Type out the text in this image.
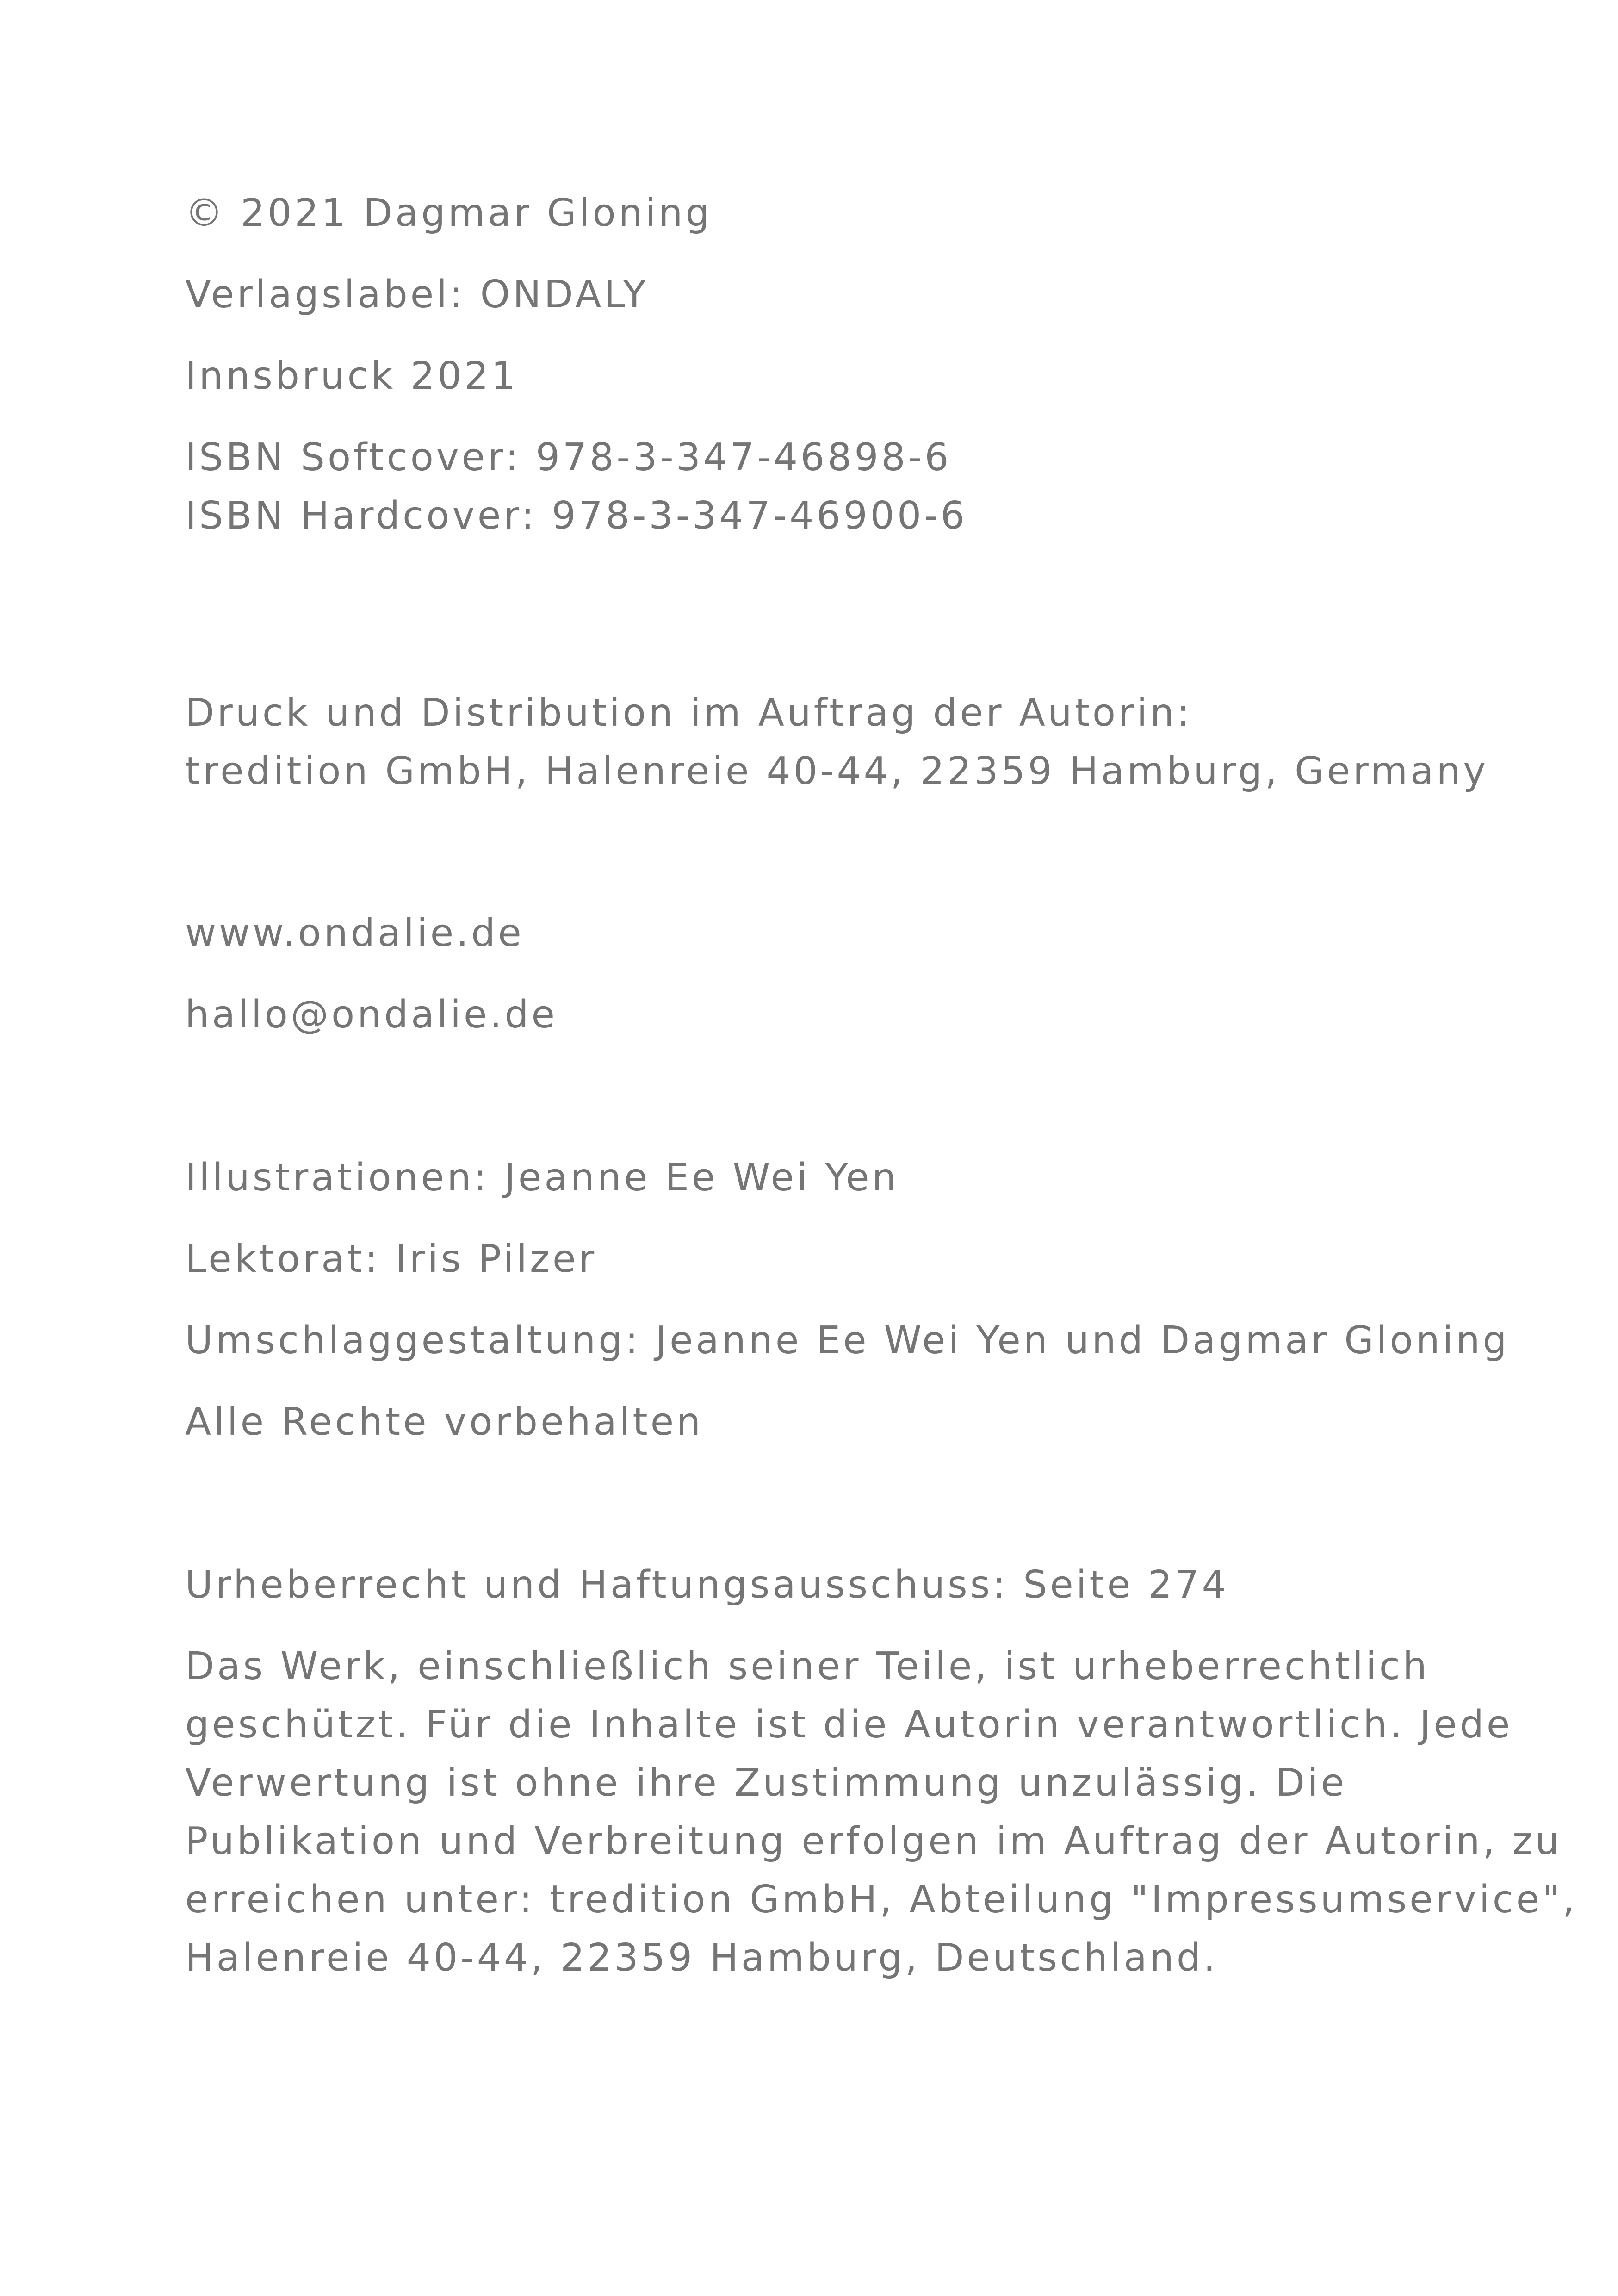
© 2021 Dagmar Gloning
Verlagslabel: ONDALY
Innsbruck 2021
ISBN Softcover: 978-3-347-46898-6
ISBN Hardcover: 978-3-347-46900-6
Druck und Distribution im Auftrag der Autorin:
tredition GmbH, Halenreie 40-44, 22359 Hamburg, Germany
www.ondalie.de
hallo@ondalie.de
Illustrationen: Jeanne Ee Wei Yen
Lektorat: Iris Pilzer
Umschlaggestaltung: Jeanne Ee Wei Yen und Dagmar Gloning
Alle Rechte vorbehalten
Urheberrecht und Haftungsausschuss: Seite 274
Das Werk, einschließlich seiner Teile, ist urheberrechtlich
geschützt. Für die Inhalte ist die Autorin verantwortlich. Jede
Verwertung ist ohne ihre Zustimmung unzulässig. Die
Publikation und Verbreitung erfolgen im Auftrag der Autorin, zu
erreichen unter: tredition GmbH, Abteilung "Impressumservice",
Halenreie 40-44, 22359 Hamburg, Deutschland.
